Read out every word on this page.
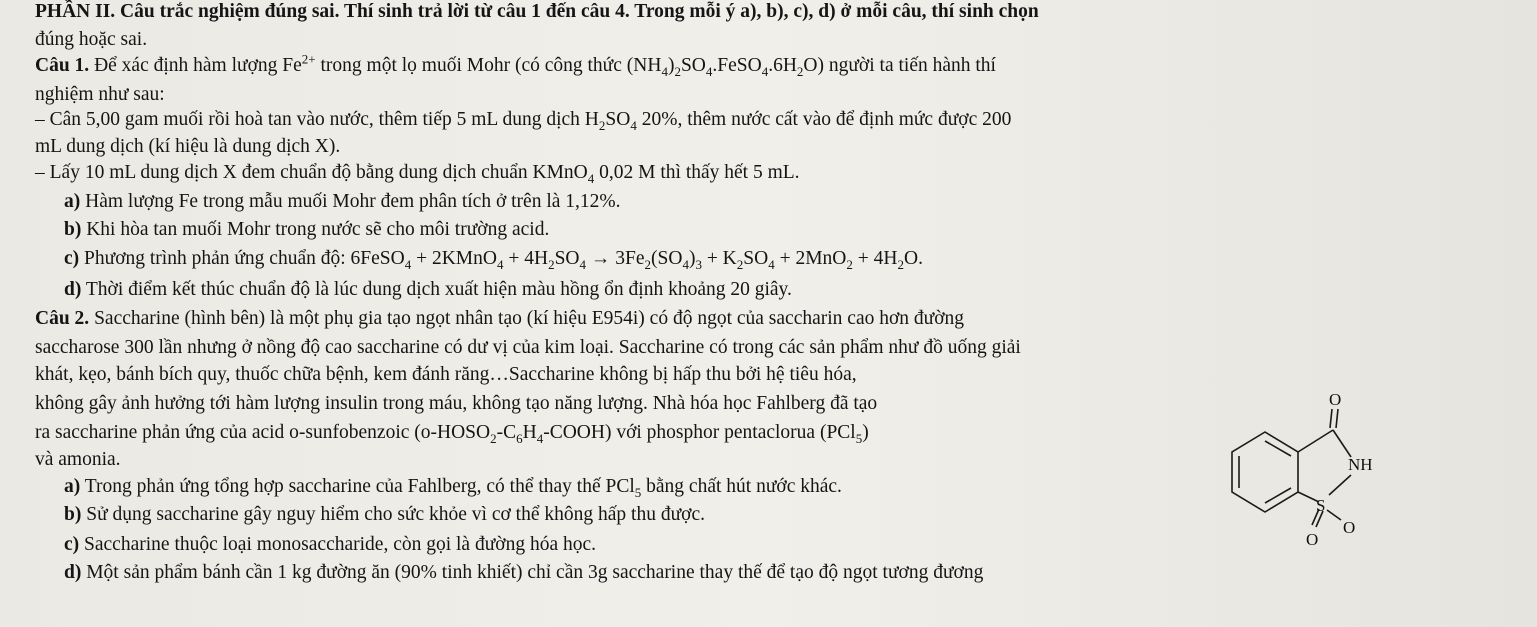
PHẦN II. Câu trắc nghiệm đúng sai. Thí sinh trả lời từ câu 1 đến câu 4. Trong mỗi ý a), b), c), d) ở mỗi câu, thí sinh chọn
đúng hoặc sai.
Câu 1. Để xác định hàm lượng $Fe^{2+}$ trong một lọ muối Mohr (có công thức $(NH_4)_2SO_4.FeSO_4.6H_2O$) người ta tiến hành thí
nghiệm như sau:
– Cân 5,00 gam muối rồi hoà tan vào nước, thêm tiếp 5 mL dung dịch $H_2SO_4$ 20%, thêm nước cất vào để định mức được 200
mL dung dịch (kí hiệu là dung dịch X).
– Lấy 10 mL dung dịch X đem chuẩn độ bằng dung dịch chuẩn KMnO$_4$ 0,02 M thì thấy hết 5 mL.
a) Hàm lượng Fe trong mẫu muối Mohr đem phân tích ở trên là 1,12%.
b) Khi hòa tan muối Mohr trong nước sẽ cho môi trường acid.
c) Phương trình phản ứng chuẩn độ: 6FeSO$_4$ + 2KMnO$_4$ + $4H_2SO_4 \to 3Fe_2(SO_4)_3 + K_2SO_4 + 2MnO_2 + 4H_2O$.
d) Thời điểm kết thúc chuẩn độ là lúc dung dịch xuất hiện màu hồng ổn định khoảng 20 giây.
Câu 2. Saccharine (hình bên) là một phụ gia tạo ngọt nhân tạo (kí hiệu E954i) có độ ngọt của saccharin cao hơn đường
saccharose 300 lần nhưng ở nồng độ cao saccharine có dư vị của kim loại. Saccharine có trong các sản phẩm như đồ uống giải
khát, kẹo, bánh bích quy, thuốc chữa bệnh, kem đánh răng…Saccharine không bị hấp thu bởi hệ tiêu hóa,
không gây ảnh hưởng tới hàm lượng insulin trong máu, không tạo năng lượng. Nhà hóa học Fahlberg đã tạo
ra saccharine phản ứng của acid o-sunfobenzoic $(o-HOSO_2-C_6H_4-COOH)$ với phosphor pentaclorua (PCl$_5$)
và amonia.
a) Trong phản ứng tổng hợp saccharine của Fahlberg, có thể thay thế PCl$_5$ bằng chất hút nước khác.
b) Sử dụng saccharine gây nguy hiểm cho sức khỏe vì cơ thể không hấp thu được.
c) Saccharine thuộc loại monosaccharide, còn gọi là đường hóa học.
d) Một sản phẩm bánh cần 1 kg đường ăn (90% tinh khiết) chỉ cần 3g saccharine thay thế để tạo độ ngọt tương đương
O
NH
S
O
O
